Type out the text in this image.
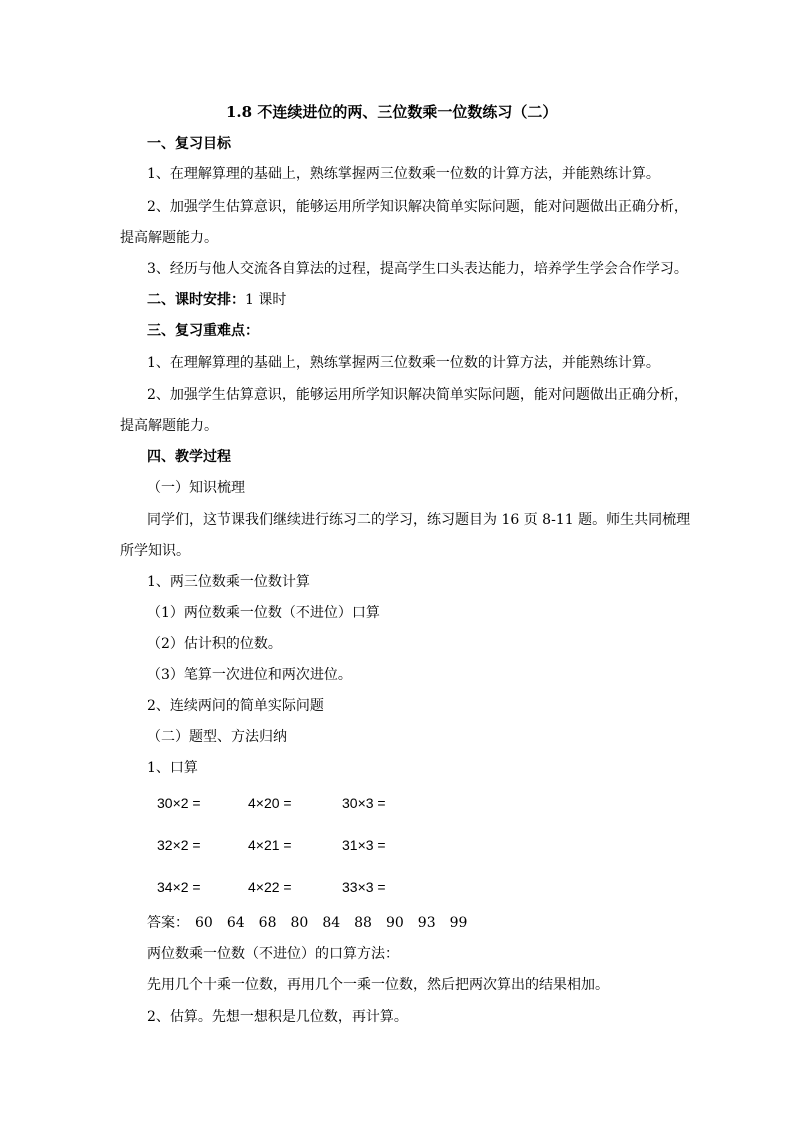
1.8 不连续进位的两、三位数乘一位数练习（二）
一、复习目标
1、在理解算理的基础上，熟练掌握两三位数乘一位数的计算方法，并能熟练计算。
2、加强学生估算意识，能够运用所学知识解决简单实际问题，能对问题做出正确分析，
提高解题能力。
3、经历与他人交流各自算法的过程，提高学生口头表达能力，培养学生学会合作学习。
二、课时安排：1 课时
三、复习重难点：
1、在理解算理的基础上，熟练掌握两三位数乘一位数的计算方法，并能熟练计算。
2、加强学生估算意识，能够运用所学知识解决简单实际问题，能对问题做出正确分析，
提高解题能力。
四、教学过程
（一）知识梳理
同学们，这节课我们继续进行练习二的学习，练习题目为 16 页 8-11 题。师生共同梳理
所学知识。
1、两三位数乘一位数计算
（1）两位数乘一位数（不进位）口算
（2）估计积的位数。
（3）笔算一次进位和两次进位。
2、连续两问的简单实际问题
（二）题型、方法归纳
1、口算
30×2 =	4×20 =	30×3 =
32×2 =	4×21 =	31×3 =
34×2 =	4×22 =	33×3 =
答案： 60 64 68 80 84 88 90 93 99
两位数乘一位数（不进位）的口算方法：
先用几个十乘一位数，再用几个一乘一位数，然后把两次算出的结果相加。
2、估算。先想一想积是几位数，再计算。
